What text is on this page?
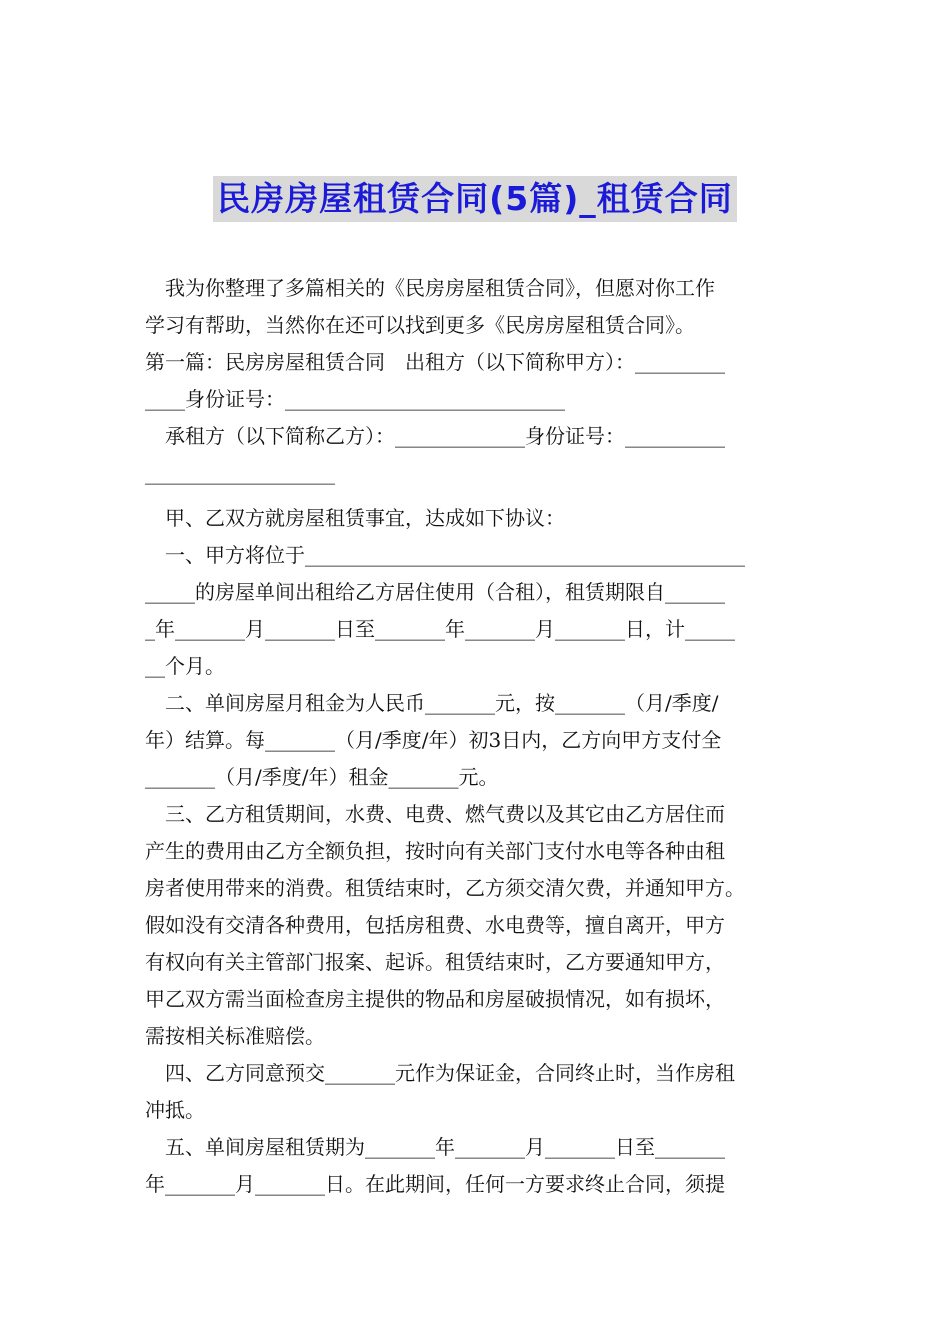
民房房屋租赁合同(5篇)_租赁合同
　我为你整理了多篇相关的《民房房屋租赁合同》，但愿对你工作
学习有帮助，当然你在还可以找到更多《民房房屋租赁合同》。
第一篇：民房房屋租赁合同　出租方（以下简称甲方）：_________
____身份证号：____________________________
　承租方（以下简称乙方）：_____________身份证号：__________
___________________
　甲、乙双方就房屋租赁事宜，达成如下协议：
　一、甲方将位于____________________________________________
_____的房屋单间出租给乙方居住使用（合租），租赁期限自______
_年_______月_______日至_______年_______月_______日，计_____
__个月。
　二、单间房屋月租金为人民币_______元，按_______（月/季度/
年）结算。每_______（月/季度/年）初3日内，乙方向甲方支付全
_______（月/季度/年）租金_______元。
　三、乙方租赁期间，水费、电费、燃气费以及其它由乙方居住而
产生的费用由乙方全额负担，按时向有关部门支付水电等各种由租
房者使用带来的消费。租赁结束时，乙方须交清欠费，并通知甲方。
假如没有交清各种费用，包括房租费、水电费等，擅自离开，甲方
有权向有关主管部门报案、起诉。租赁结束时，乙方要通知甲方，
甲乙双方需当面检查房主提供的物品和房屋破损情况，如有损坏，
需按相关标准赔偿。
　四、乙方同意预交_______元作为保证金，合同终止时，当作房租
冲抵。
　五、单间房屋租赁期为_______年_______月_______日至_______
年_______月_______日。在此期间，任何一方要求终止合同，须提
